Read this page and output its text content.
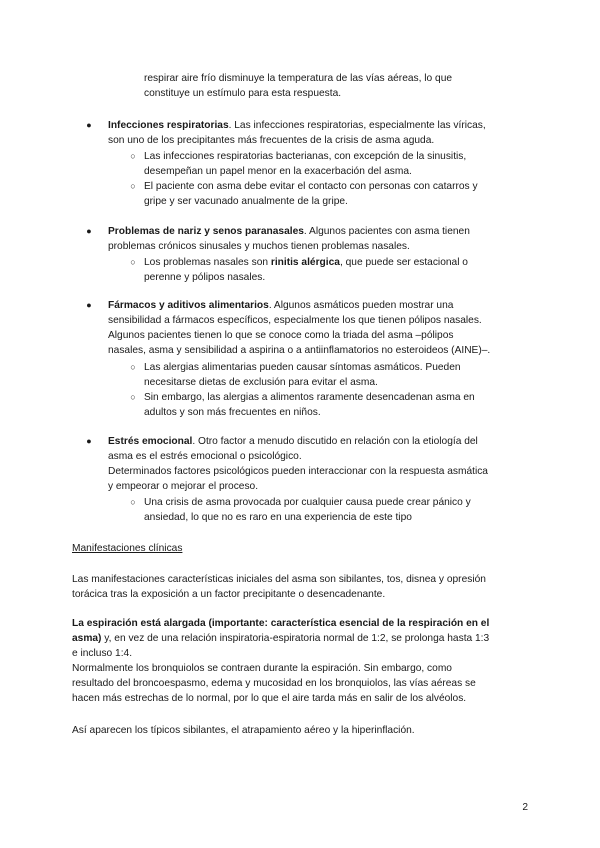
respirar aire frío disminuye la temperatura de las vías aéreas, lo que
constituye un estímulo para esta respuesta.
● Infecciones respiratorias. Las infecciones respiratorias, especialmente las víricas,
son uno de los precipitantes más frecuentes de la crisis de asma aguda.
○ Las infecciones respiratorias bacterianas, con excepción de la sinusitis,
desempeñan un papel menor en la exacerbación del asma.
○ El paciente con asma debe evitar el contacto con personas con catarros y
gripe y ser vacunado anualmente de la gripe.
● Problemas de nariz y senos paranasales. Algunos pacientes con asma tienen
problemas crónicos sinusales y muchos tienen problemas nasales.
○ Los problemas nasales son rinitis alérgica, que puede ser estacional o
perenne y pólipos nasales.
● Fármacos y aditivos alimentarios. Algunos asmáticos pueden mostrar una
sensibilidad a fármacos específicos, especialmente los que tienen pólipos nasales.
Algunos pacientes tienen lo que se conoce como la triada del asma –pólipos
nasales, asma y sensibilidad a aspirina o a antiinflamatorios no esteroideos (AINE)–.
○ Las alergias alimentarias pueden causar síntomas asmáticos. Pueden
necesitarse dietas de exclusión para evitar el asma.
○ Sin embargo, las alergias a alimentos raramente desencadenan asma en
adultos y son más frecuentes en niños.
● Estrés emocional. Otro factor a menudo discutido en relación con la etiología del
asma es el estrés emocional o psicológico.
Determinados factores psicológicos pueden interaccionar con la respuesta asmática
y empeorar o mejorar el proceso.
○ Una crisis de asma provocada por cualquier causa puede crear pánico y
ansiedad, lo que no es raro en una experiencia de este tipo
Manifestaciones clínicas
Las manifestaciones características iniciales del asma son sibilantes, tos, disnea y opresión
torácica tras la exposición a un factor precipitante o desencadenante.
La espiración está alargada (importante: característica esencial de la respiración en el
asma) y, en vez de una relación inspiratoria-espiratoria normal de 1:2, se prolonga hasta 1:3
e incluso 1:4.
Normalmente los bronquiolos se contraen durante la espiración. Sin embargo, como
resultado del broncoespasmo, edema y mucosidad en los bronquiolos, las vías aéreas se
hacen más estrechas de lo normal, por lo que el aire tarda más en salir de los alvéolos.
Así aparecen los típicos sibilantes, el atrapamiento aéreo y la hiperinflación.
2
